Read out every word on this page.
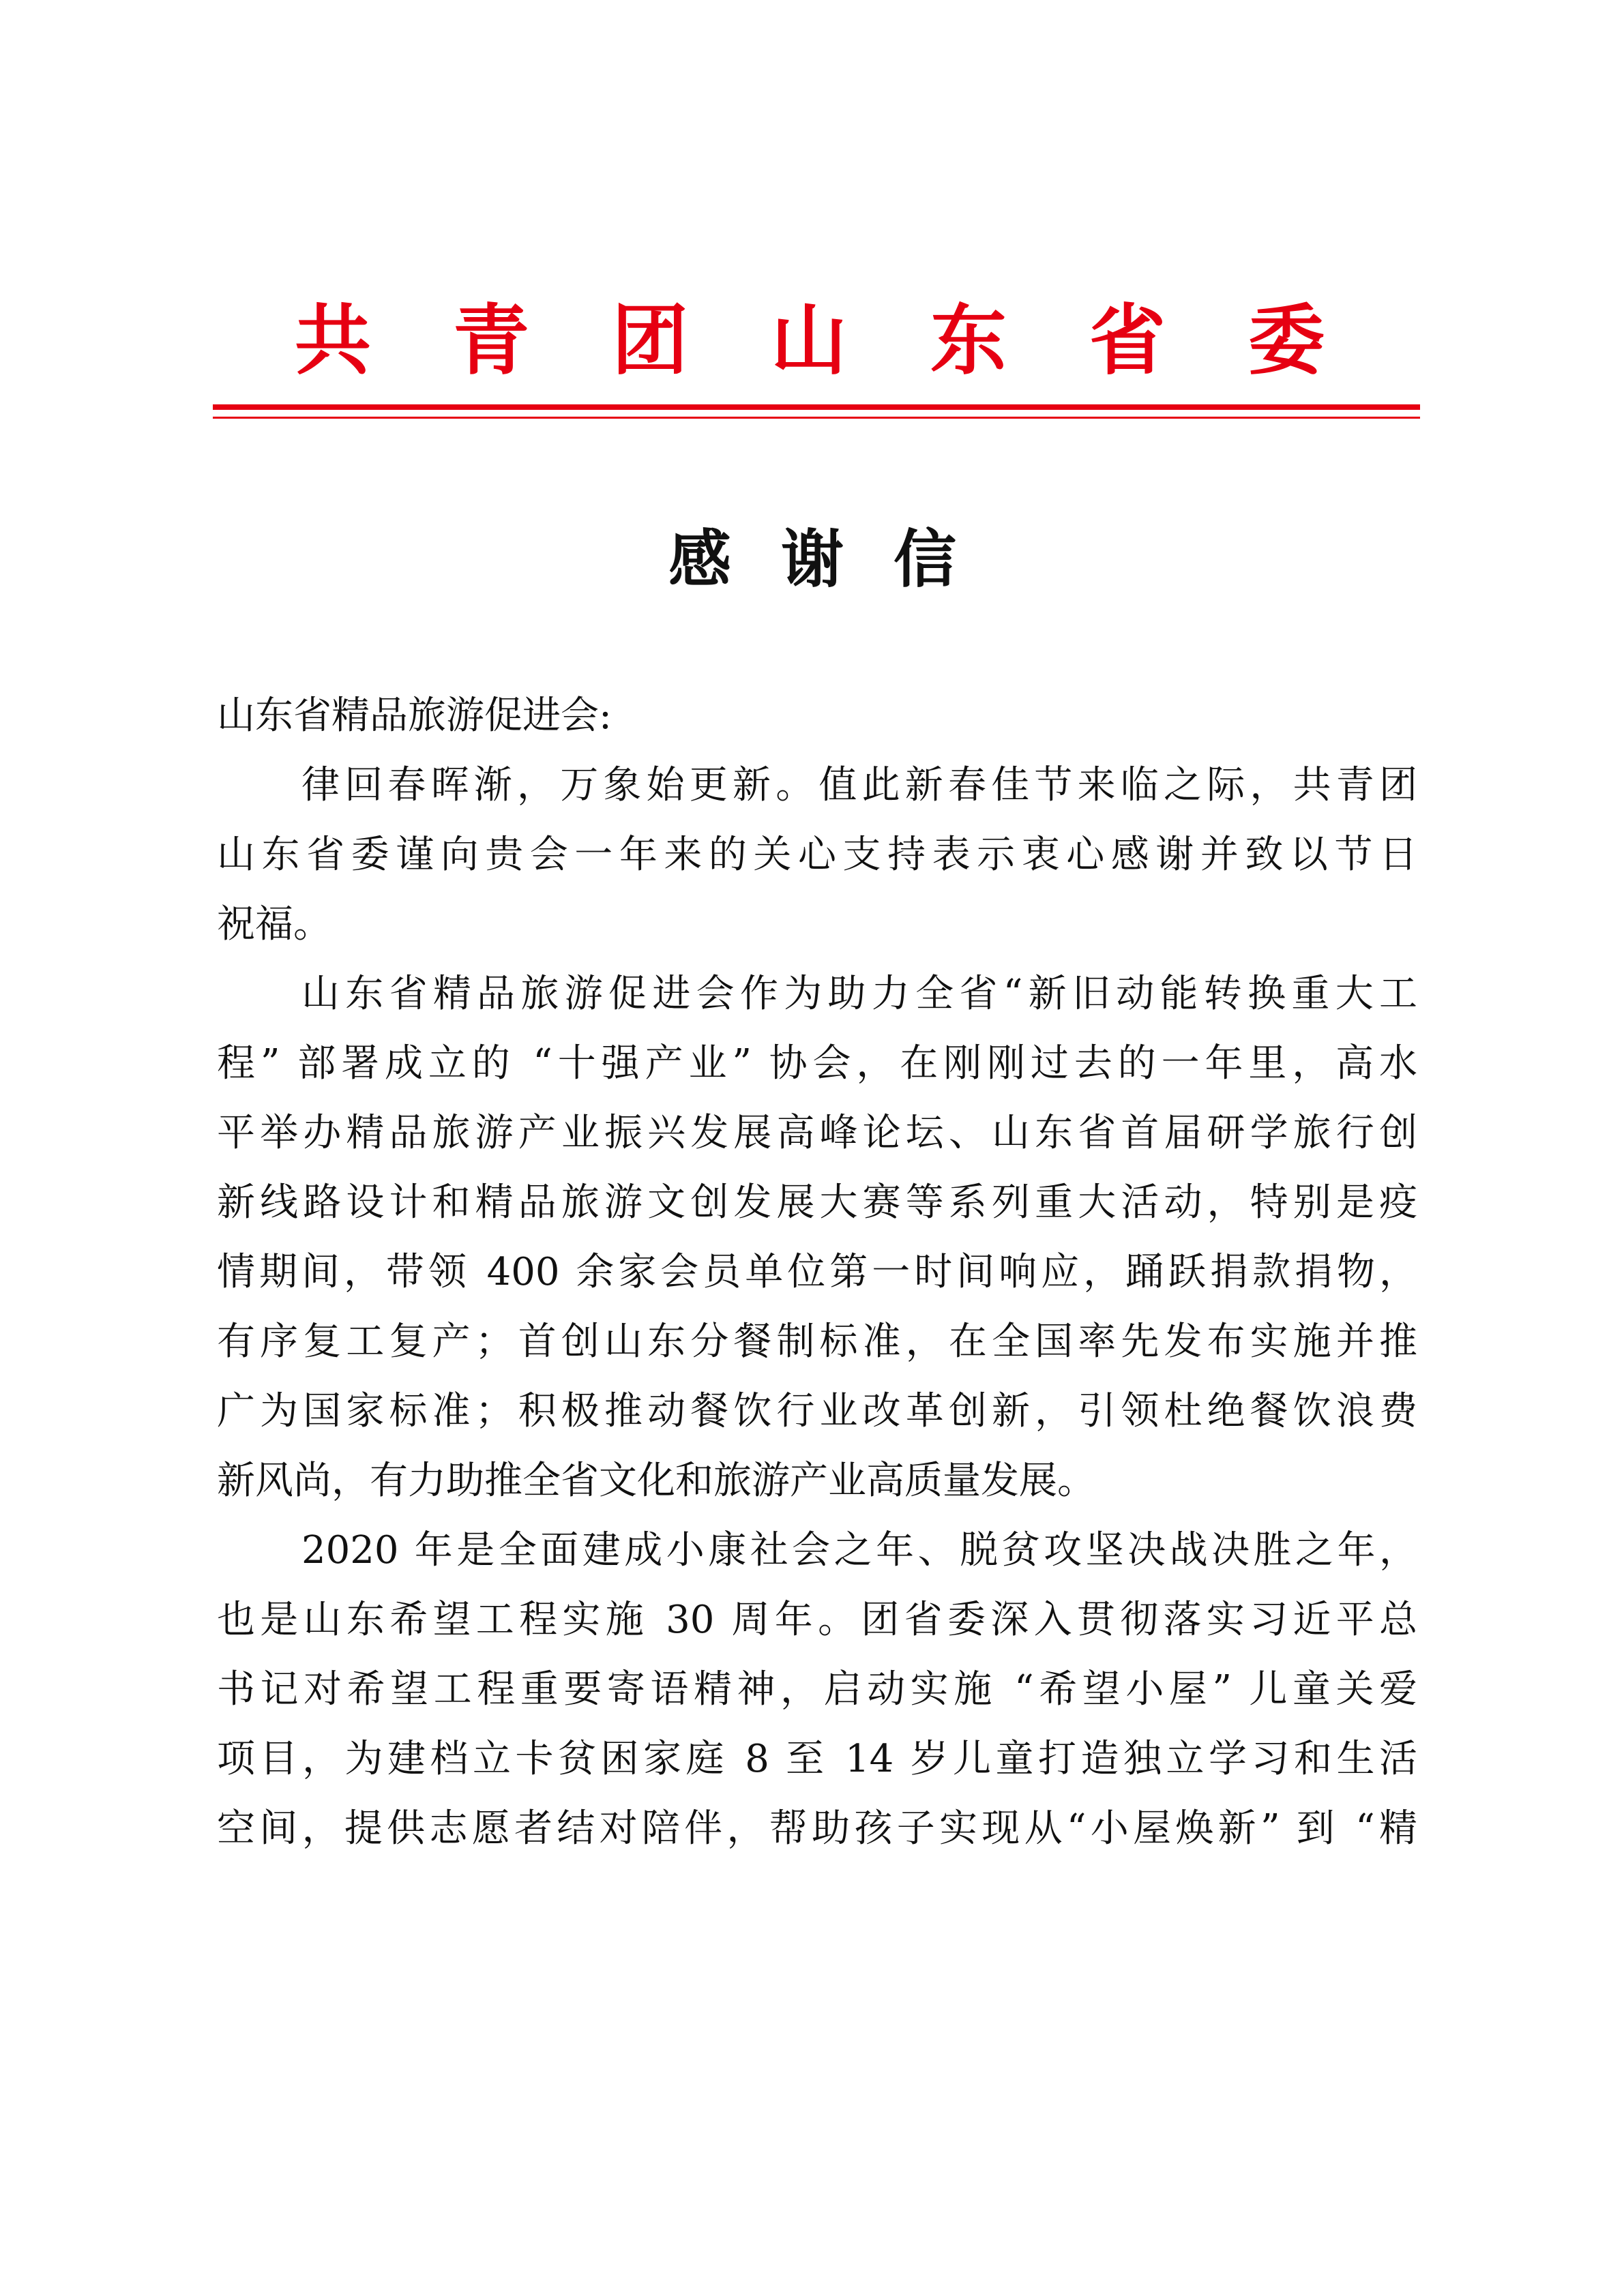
共 青 团 山 东 省 委
感 谢 信
山东省精品旅游促进会:
律回春晖渐，万象始更新。值此新春佳节来临之际，共青团
山东省委谨向贵会一年来的关心支持表示衷心感谢并致以节日
祝福。
山东省精品旅游促进会作为助力全省“新旧动能转换重大工
程” 部署成立的 “十强产业” 协会，在刚刚过去的一年里，高水
平举办精品旅游产业振兴发展高峰论坛、山东省首届研学旅行创
新线路设计和精品旅游文创发展大赛等系列重大活动，特别是疫
情期间，带领 400 余家会员单位第一时间响应，踊跃捐款捐物，
有序复工复产；首创山东分餐制标准，在全国率先发布实施并推
广为国家标准；积极推动餐饮行业改革创新，引领杜绝餐饮浪费
新风尚，有力助推全省文化和旅游产业高质量发展。
2020 年是全面建成小康社会之年、脱贫攻坚决战决胜之年，
也是山东希望工程实施 30 周年。团省委深入贯彻落实习近平总
书记对希望工程重要寄语精神，启动实施 “希望小屋” 儿童关爱
项目，为建档立卡贫困家庭 8 至 14 岁儿童打造独立学习和生活
空间，提供志愿者结对陪伴，帮助孩子实现从“小屋焕新” 到 “精
